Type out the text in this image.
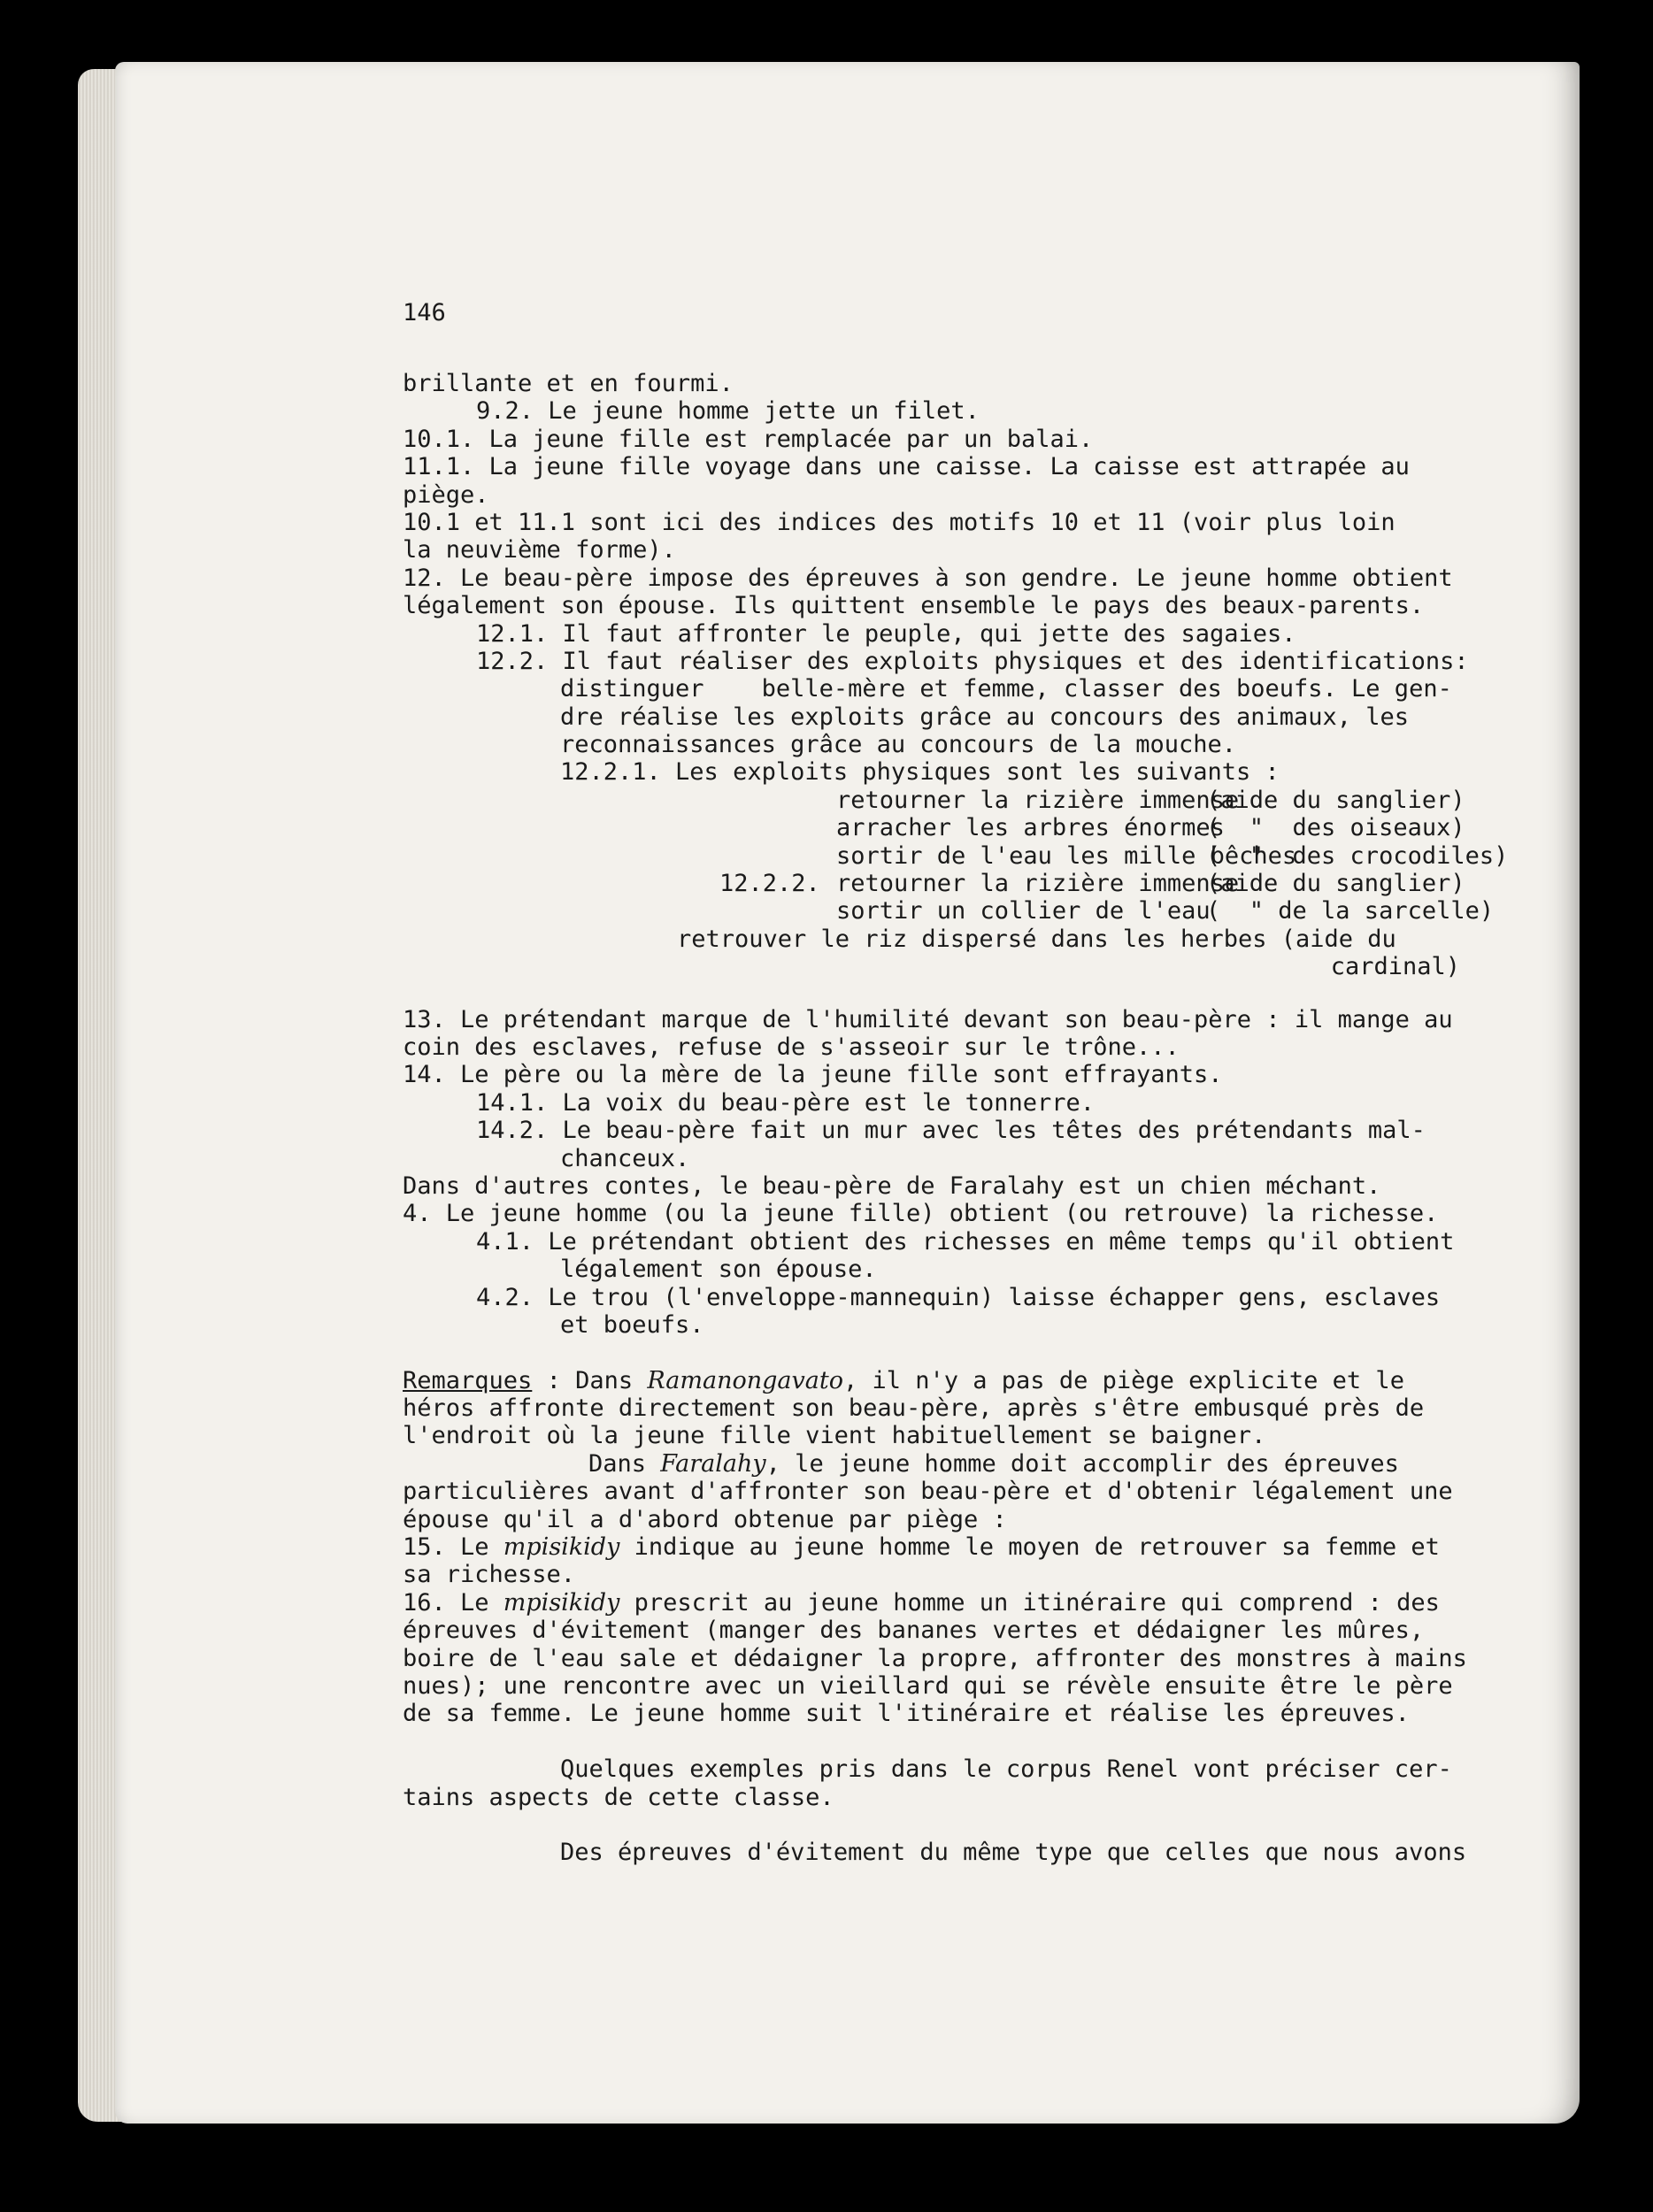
146
brillante et en fourmi.
9.2. Le jeune homme jette un filet.
10.1. La jeune fille est remplacée par un balai.
11.1. La jeune fille voyage dans une caisse. La caisse est attrapée au
piège.
10.1 et 11.1 sont ici des indices des motifs 10 et 11 (voir plus loin
la neuvième forme).
12. Le beau-père impose des épreuves à son gendre. Le jeune homme obtient
légalement son épouse. Ils quittent ensemble le pays des beaux-parents.
12.1. Il faut affronter le peuple, qui jette des sagaies.
12.2. Il faut réaliser des exploits physiques et des identifications:
distinguer    belle-mère et femme, classer des boeufs. Le gen-
dre réalise les exploits grâce au concours des animaux, les
reconnaissances grâce au concours de la mouche.
12.2.1. Les exploits physiques sont les suivants :
retourner la rizière immense
(aide du sanglier)
arracher les arbres énormes
(  "  des oiseaux)
sortir de l'eau les mille bêches
(  "  des crocodiles)
12.2.2. retourner la rizière immense
(aide du sanglier)
sortir un collier de l'eau
(  " de la sarcelle)
retrouver le riz dispersé dans les herbes (aide du
cardinal)
13. Le prétendant marque de l'humilité devant son beau-père : il mange au
coin des esclaves, refuse de s'asseoir sur le trône...
14. Le père ou la mère de la jeune fille sont effrayants.
14.1. La voix du beau-père est le tonnerre.
14.2. Le beau-père fait un mur avec les têtes des prétendants mal-
chanceux.
Dans d'autres contes, le beau-père de Faralahy est un chien méchant.
4. Le jeune homme (ou la jeune fille) obtient (ou retrouve) la richesse.
4.1. Le prétendant obtient des richesses en même temps qu'il obtient
légalement son épouse.
4.2. Le trou (l'enveloppe-mannequin) laisse échapper gens, esclaves
et boeufs.
Remarques : Dans Ramanongavato, il n'y a pas de piège explicite et le
héros affronte directement son beau-père, après s'être embusqué près de
l'endroit où la jeune fille vient habituellement se baigner.
Dans Faralahy, le jeune homme doit accomplir des épreuves
particulières avant d'affronter son beau-père et d'obtenir légalement une
épouse qu'il a d'abord obtenue par piège :
15. Le mpisikidy indique au jeune homme le moyen de retrouver sa femme et
sa richesse.
16. Le mpisikidy prescrit au jeune homme un itinéraire qui comprend : des
épreuves d'évitement (manger des bananes vertes et dédaigner les mûres,
boire de l'eau sale et dédaigner la propre, affronter des monstres à mains
nues); une rencontre avec un vieillard qui se révèle ensuite être le père
de sa femme. Le jeune homme suit l'itinéraire et réalise les épreuves.
Quelques exemples pris dans le corpus Renel vont préciser cer-
tains aspects de cette classe.
Des épreuves d'évitement du même type que celles que nous avons
